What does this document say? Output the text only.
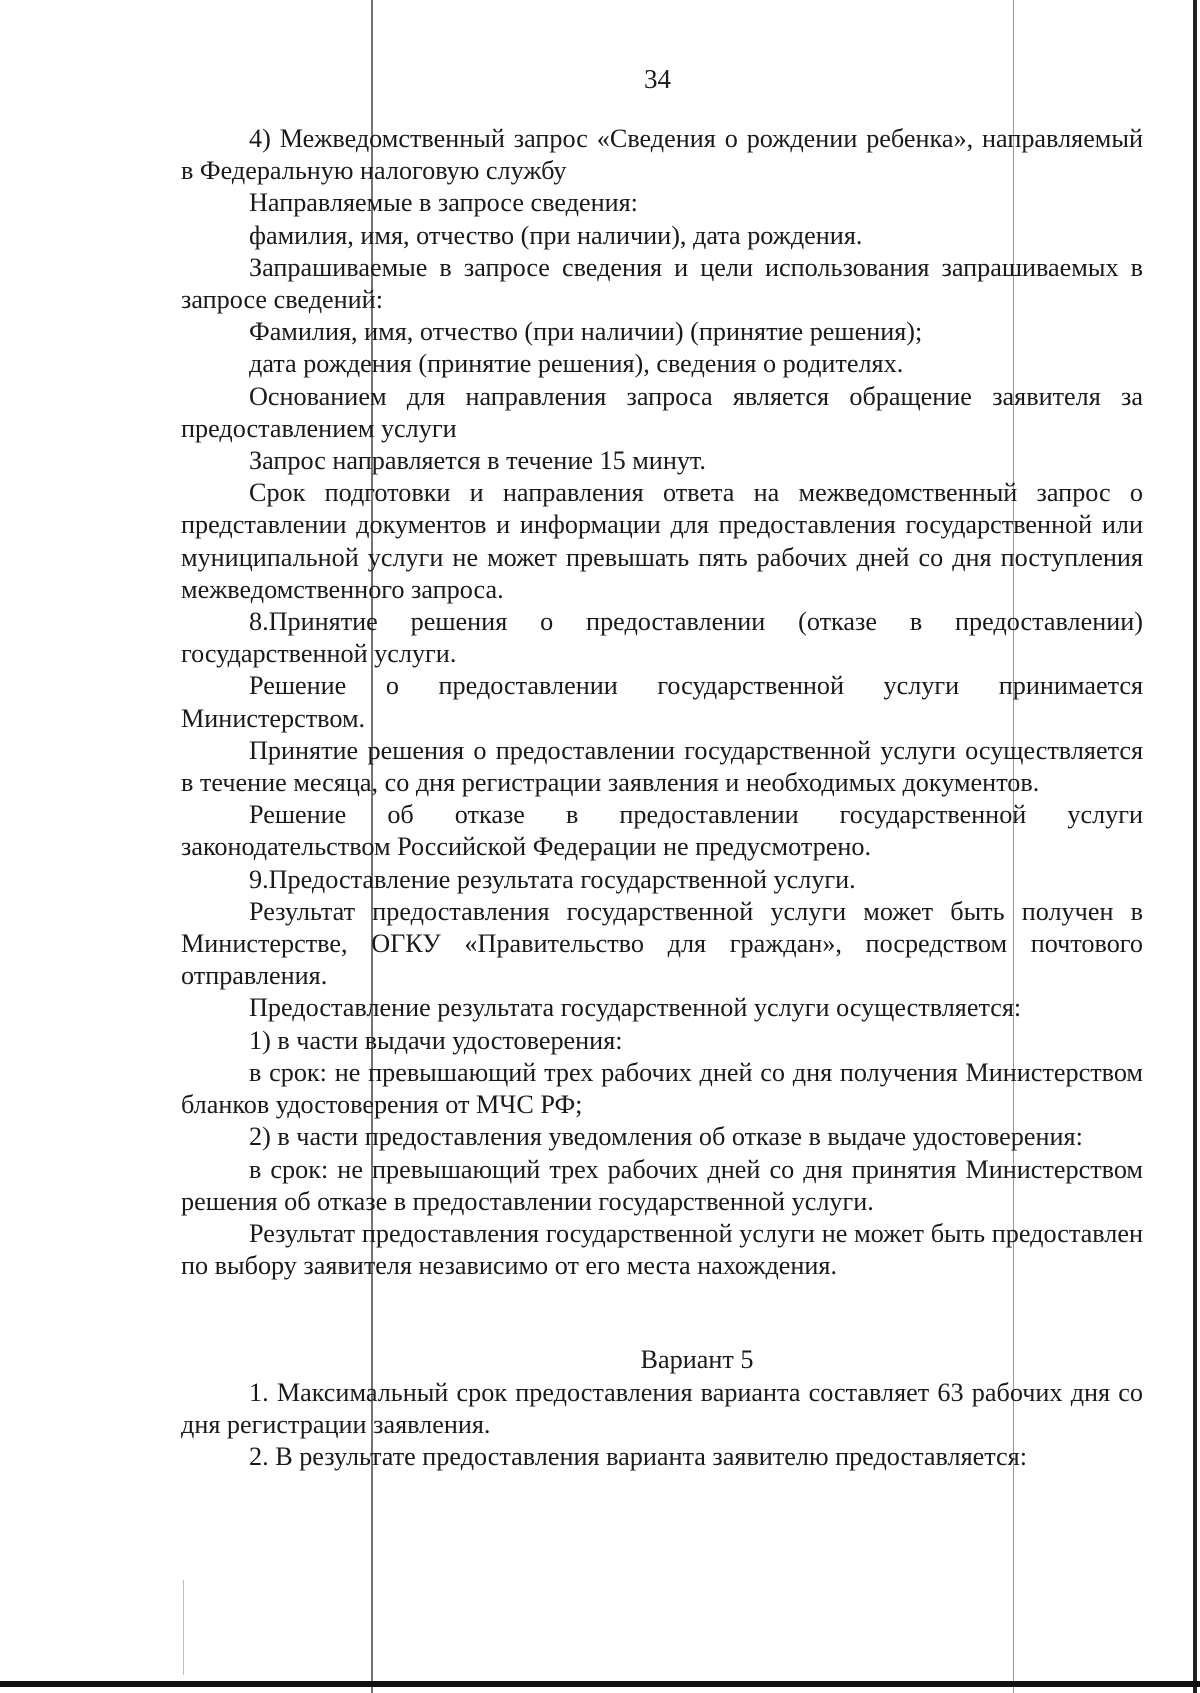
34

4) Межведомственный запрос «Сведения о рождении ребенка», направляемый в Федеральную налоговую службу

Направляемые в запросе сведения:

фамилия, имя, отчество (при наличии), дата рождения.

Запрашиваемые в запросе сведения и цели использования запрашиваемых в запросе сведений:

Фамилия, имя, отчество (при наличии) (принятие решения);

дата рождения (принятие решения), сведения о родителях.

Основанием для направления запроса является обращение заявителя за предоставлением услуги

Запрос направляется в течение 15 минут.

Срок подготовки и направления ответа на межведомственный запрос о представлении документов и информации для предоставления государственной или муниципальной услуги не может превышать пять рабочих дней со дня поступления межведомственного запроса.

8.Принятие решения о предоставлении (отказе в предоставлении) государственной услуги.

Решение о предоставлении государственной услуги принимается Министерством.

Принятие решения о предоставлении государственной услуги осуществляется в течение месяца, со дня регистрации заявления и необходимых документов.

Решение об отказе в предоставлении государственной услуги законодательством Российской Федерации не предусмотрено.

9.Предоставление результата государственной услуги.

Результат предоставления государственной услуги может быть получен в Министерстве, ОГКУ «Правительство для граждан», посредством почтового отправления.

Предоставление результата государственной услуги осуществляется:

1) в части выдачи удостоверения:

в срок: не превышающий трех рабочих дней со дня получения Министерством бланков удостоверения от МЧС РФ;

2) в части предоставления уведомления об отказе в выдаче удостоверения:

в срок: не превышающий трех рабочих дней со дня принятия Министерством решения об отказе в предоставлении государственной услуги.

Результат предоставления государственной услуги не может быть предоставлен по выбору заявителя независимо от его места нахождения.

Вариант 5

1. Максимальный срок предоставления варианта составляет 63 рабочих дня со дня регистрации заявления.

2. В результате предоставления варианта заявителю предоставляется:
